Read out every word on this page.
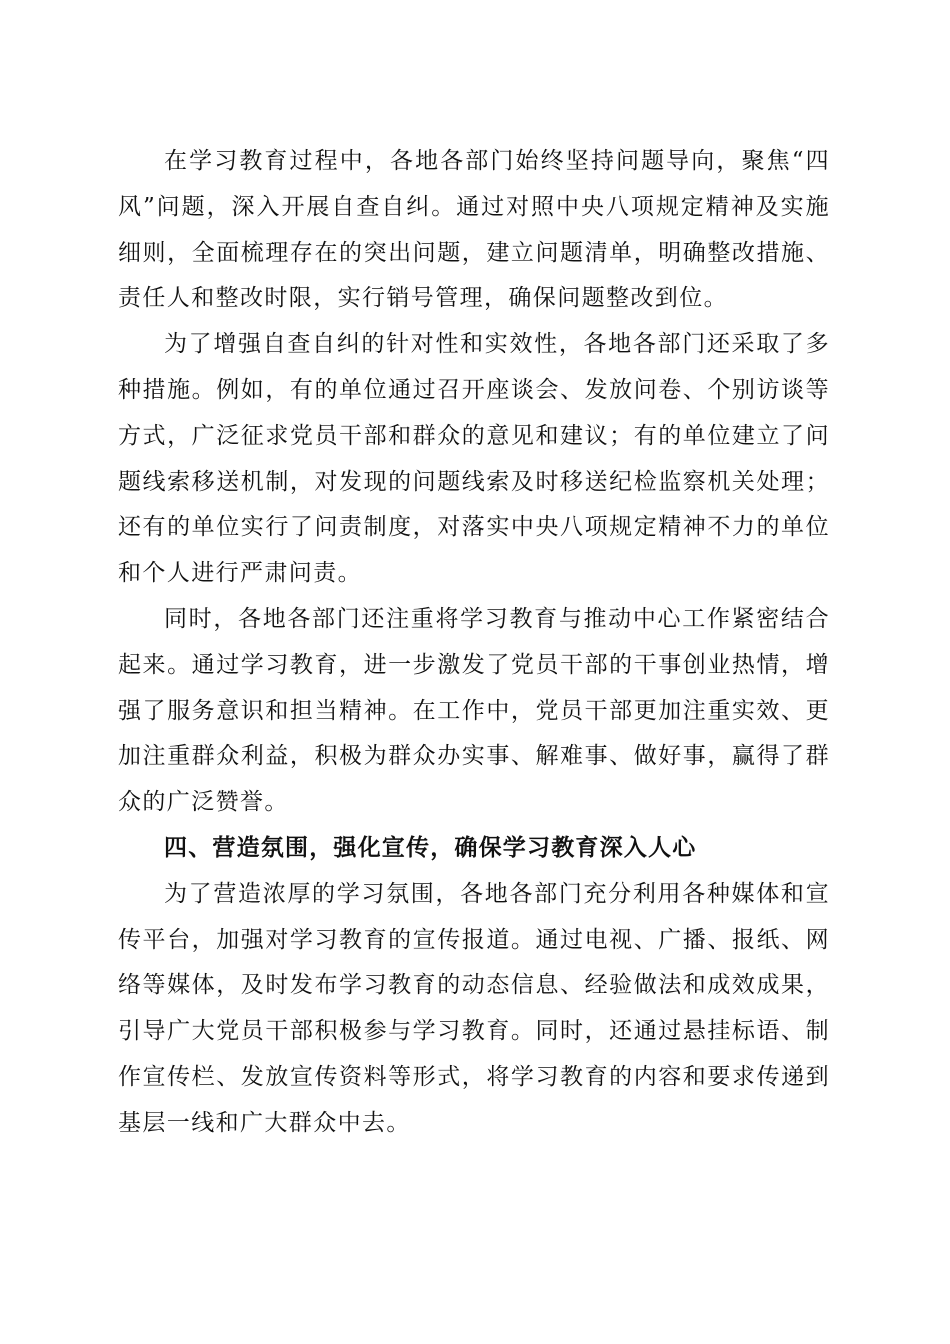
在学习教育过程中，各地各部门始终坚持问题导向，聚焦“四风”问题，深入开展自查自纠。通过对照中央八项规定精神及实施细则，全面梳理存在的突出问题，建立问题清单，明确整改措施、责任人和整改时限，实行销号管理，确保问题整改到位。

为了增强自查自纠的针对性和实效性，各地各部门还采取了多种措施。例如，有的单位通过召开座谈会、发放问卷、个别访谈等方式，广泛征求党员干部和群众的意见和建议；有的单位建立了问题线索移送机制，对发现的问题线索及时移送纪检监察机关处理；还有的单位实行了问责制度，对落实中央八项规定精神不力的单位和个人进行严肃问责。

同时，各地各部门还注重将学习教育与推动中心工作紧密结合起来。通过学习教育，进一步激发了党员干部的干事创业热情，增强了服务意识和担当精神。在工作中，党员干部更加注重实效、更加注重群众利益，积极为群众办实事、解难事、做好事，赢得了群众的广泛赞誉。

四、营造氛围，强化宣传，确保学习教育深入人心

为了营造浓厚的学习氛围，各地各部门充分利用各种媒体和宣传平台，加强对学习教育的宣传报道。通过电视、广播、报纸、网络等媒体，及时发布学习教育的动态信息、经验做法和成效成果，引导广大党员干部积极参与学习教育。同时，还通过悬挂标语、制作宣传栏、发放宣传资料等形式，将学习教育的内容和要求传递到基层一线和广大群众中去。
